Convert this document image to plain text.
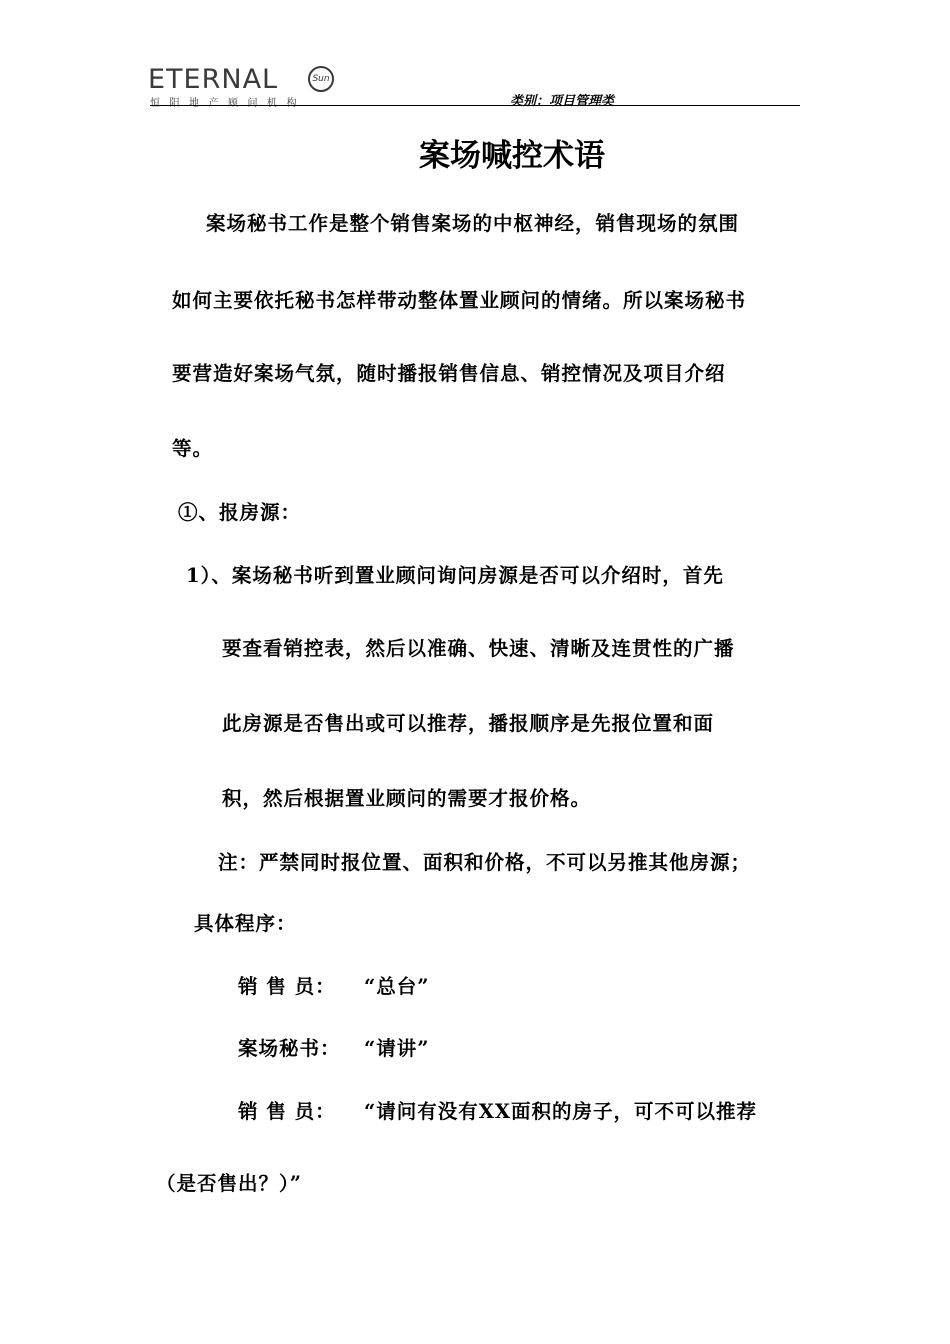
ETERNAL	Sun
恒阳地产顾问机构	类别：项目管理类
案场喊控术语
案场秘书工作是整个销售案场的中枢神经，销售现场的氛围
如何主要依托秘书怎样带动整体置业顾问的情绪。所以案场秘书
要营造好案场气氛，随时播报销售信息、销控情况及项目介绍
等。
①、报房源：
1）、案场秘书听到置业顾问询问房源是否可以介绍时，首先
要查看销控表，然后以准确、快速、清晰及连贯性的广播
此房源是否售出或可以推荐，播报顺序是先报位置和面
积，然后根据置业顾问的需要才报价格。
注：严禁同时报位置、面积和价格，不可以另推其他房源；
具体程序：
销 售 员： “总台”
案场秘书： “请讲”
销 售 员： “请问有没有XX面积的房子，可不可以推荐
（是否售出？）”
